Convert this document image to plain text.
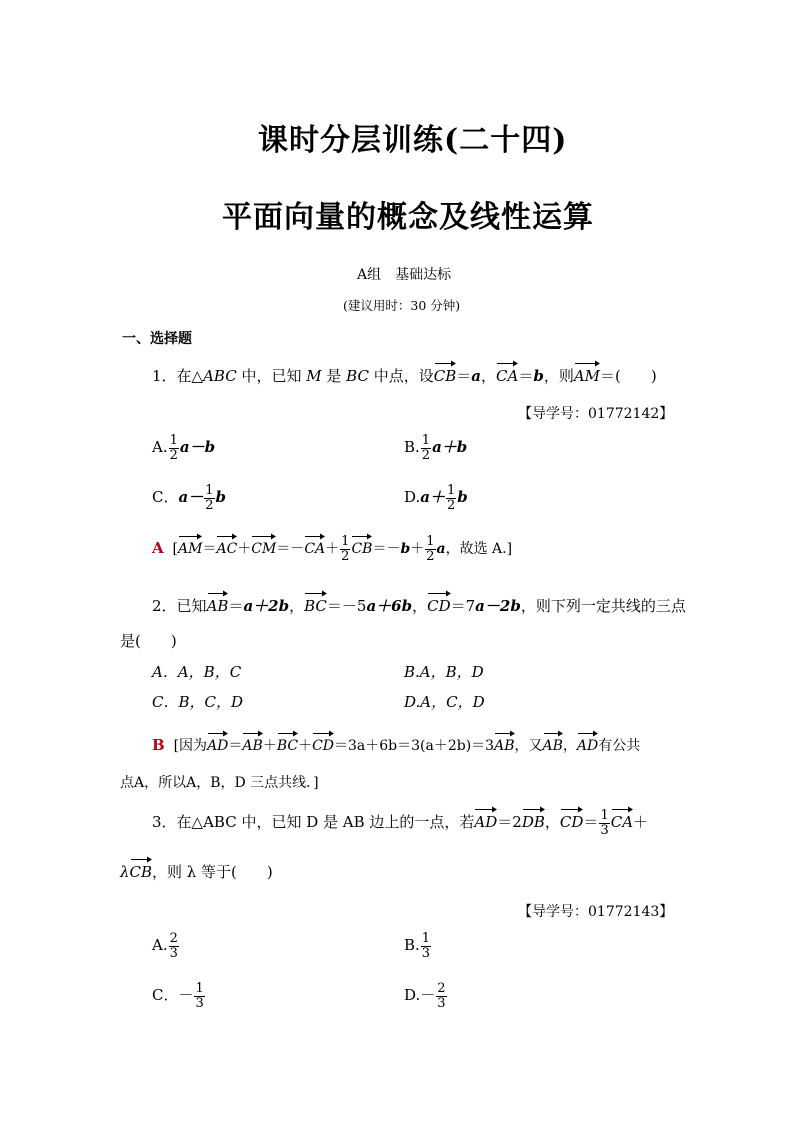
课时分层训练(二十四)
平面向量的概念及线性运算
A组　基础达标
(建议用时：30 分钟)
一、选择题
1．在△ABC 中，已知 M 是 BC 中点，设CB＝a，CA＝b，则AM＝(　　)
【导学号：01772142】
A. $\frac{1}{2} a-b$	B. $\frac{1}{2} a+b$
C．$a- \frac{1}{2}$ b	$D.a+ \frac{1}{2}$ b
A [$AM=AC+CM=-CA+ \frac{1}{2} CB=-b+ \frac{1}{2}$ a，故选 A.]
2．已知AB＝a＋2b，BC＝－5a＋6b，CD＝7a－2b，则下列一定共线的三点
是(　　)
A．A，B，C	B.A，B，D
C．B，C，D	D.A，C，D
B [因为AD＝AB＋BC＋CD＝3a＋6b＝3(a＋2b)＝3AB，又AB，AD有公共
点A，所以A，B，D 三点共线．]
3．在△ABC 中，已知 D 是 AB 边上的一点，若AD＝2DB，$CD= \frac{1}{3} CA+$
λCB，则 λ 等于(　　)
【导学号：01772143】
A. $\frac{2}{3}$	B. $\frac{1}{3}$
C．－ $\frac{1}{3}$	$D.- \frac{2}{3}$
